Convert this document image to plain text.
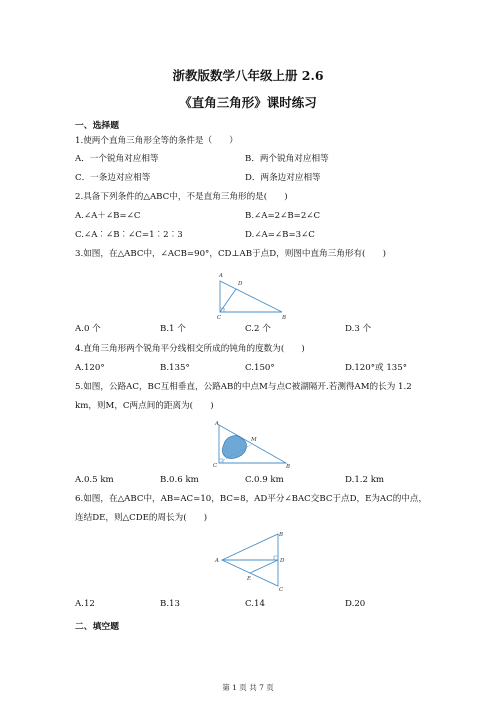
浙教版数学八年级上册 2.6
《直角三角形》课时练习
一、选择题
1.使两个直角三角形全等的条件是（　　）
A．一个锐角对应相等	B．两个锐角对应相等
C．一条边对应相等	D．两条边对应相等
2.具备下列条件的△ABC中，不是直角三角形的是(　　)
A.∠A＋∠B=∠C	B.∠A=2∠B=2∠C
C.∠A︰∠B︰∠C=1︰2︰3	D.∠A=∠B=3∠C
3.如图，在△ABC中，∠ACB=90°，CD⊥AB于点D，则图中直角三角形有(　　)
A
D
C	B
A.0 个	B.1 个	C.2 个	D.3 个
4.直角三角形两个锐角平分线相交所成的钝角的度数为(　　)
A.120°	B.135°	C.150°	D.120°或 135°
5.如图，公路AC，BC互相垂直，公路AB的中点M与点C被湖隔开.若测得AM的长为 1.2
km，则M，C两点间的距离为(　　)
A
M
C	B
A.0.5 km	B.0.6 km	C.0.9 km	D.1.2 km
6.如图，在△ABC中，AB=AC=10，BC=8，AD平分∠BAC交BC于点D，E为AC的中点，
连结DE，则△CDE的周长为(　　)
B
A	D
E
C
A.12	B.13	C.14	D.20
二、填空题
第 1 页 共 7 页
